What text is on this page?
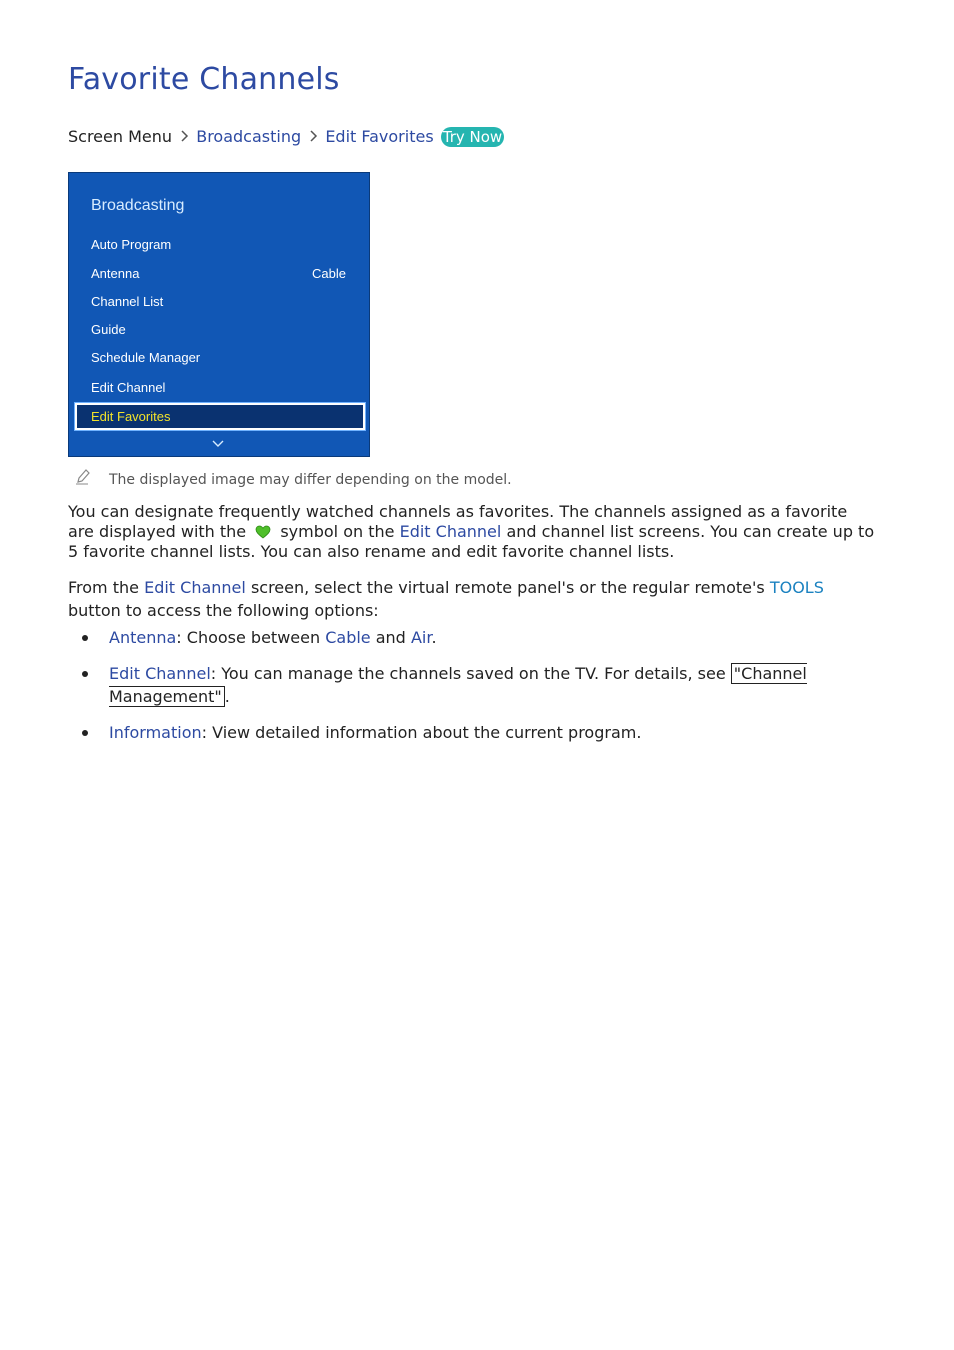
Favorite Channels
Screen Menu Broadcasting Edit Favorites Try Now
Broadcasting
Auto Program
Antenna	Cable
Channel List
Guide
Schedule Manager
Edit Channel
Edit Favorites
The displayed image may differ depending on the model.

You can designate frequently watched channels as favorites. The channels assigned as a favorite are displayed with the symbol on the Edit Channel and channel list screens. You can create up to 5 favorite channel lists. You can also rename and edit favorite channel lists.

From the Edit Channel screen, select the virtual remote panel's or the regular remote's TOOLS button to access the following options:

Antenna: Choose between Cable and Air.
Edit Channel: You can manage the channels saved on the TV. For details, see "Channel Management" .
Information: View detailed information about the current program.
